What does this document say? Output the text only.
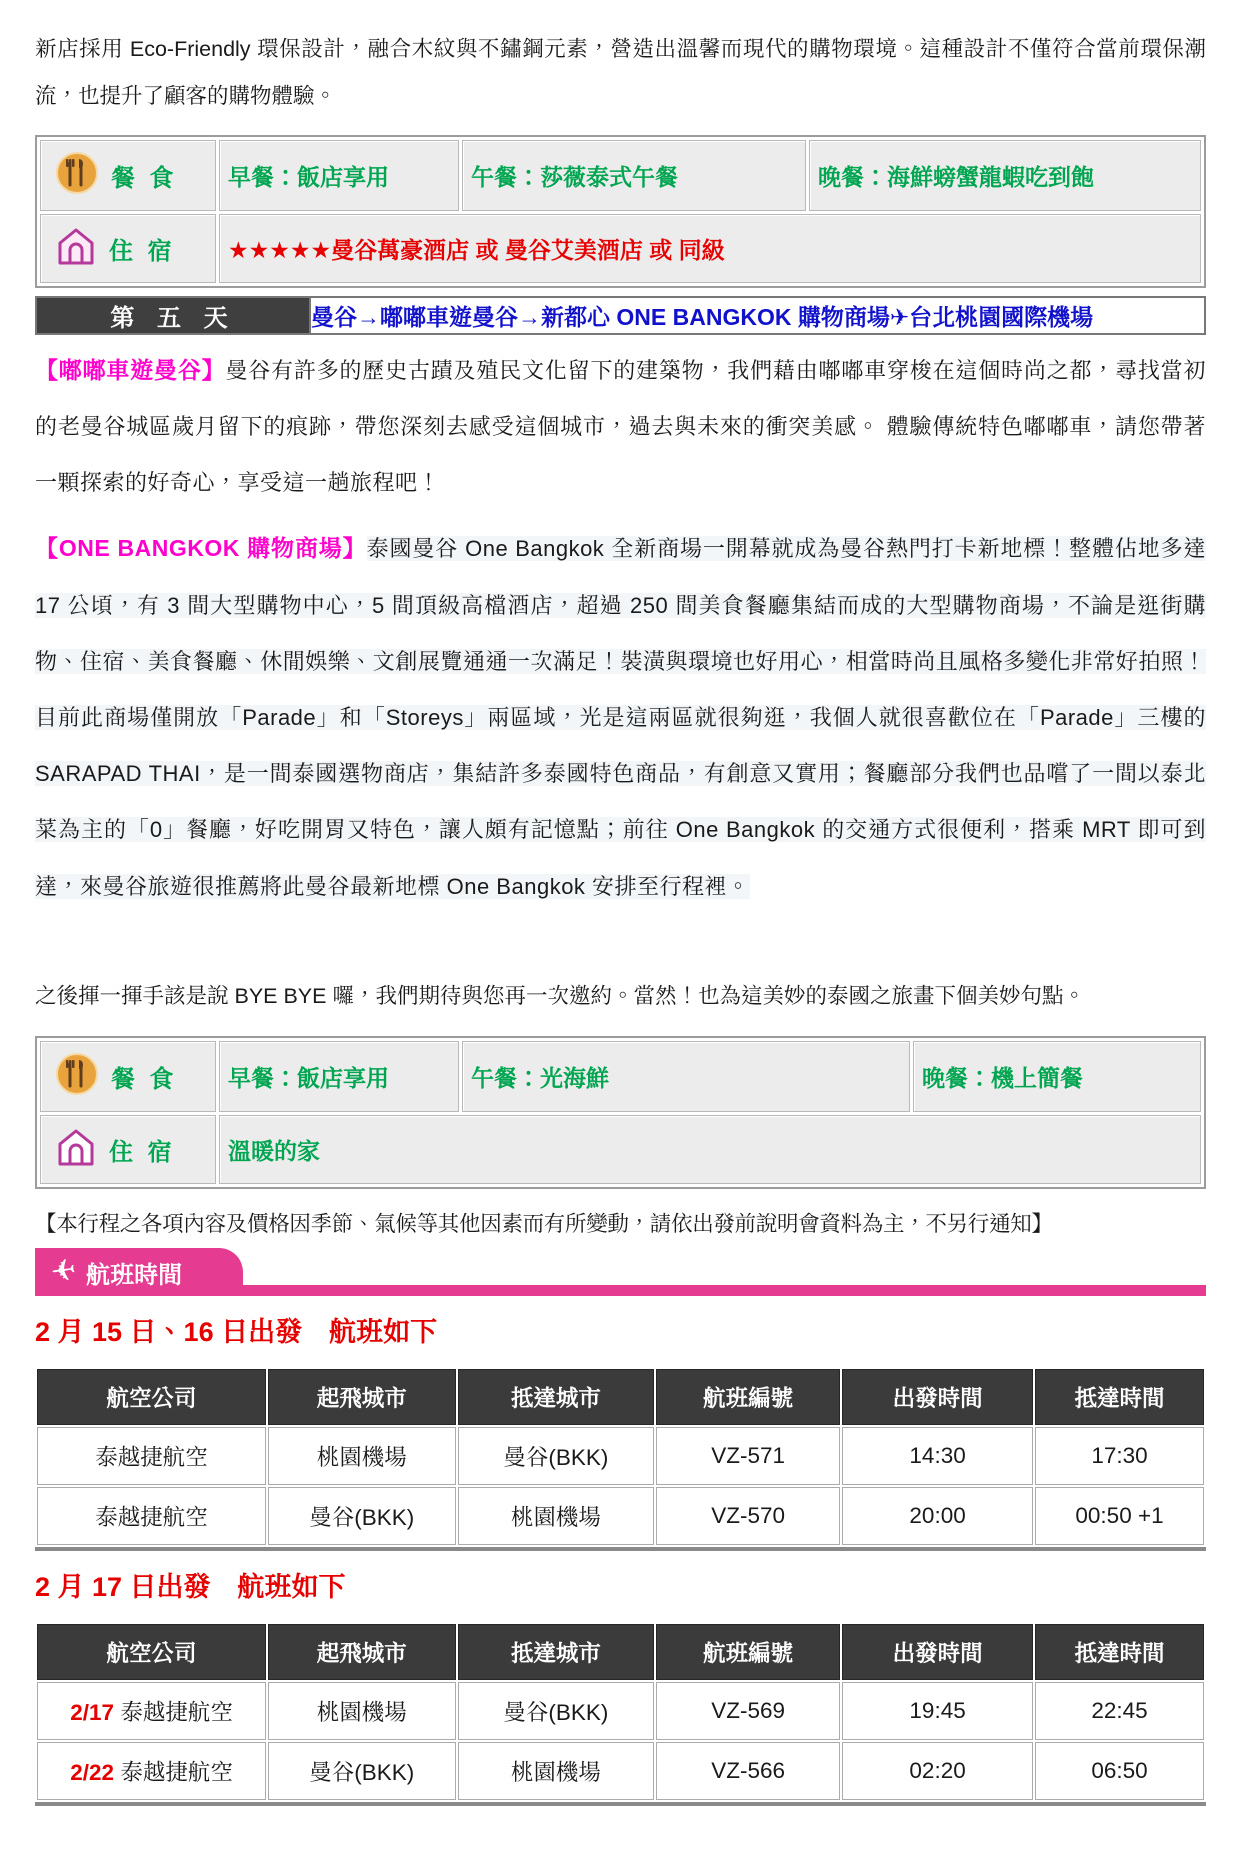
新店採用 Eco-Friendly 環保設計，融合木紋與不鏽鋼元素，營造出溫馨而現代的購物環境。這種設計不僅符合當前環保潮流，也提升了顧客的購物體驗。

餐 食	早餐：飯店享用	午餐：莎薇泰式午餐	晚餐：海鮮螃蟹龍蝦吃到飽

住 宿	★★★★★曼谷萬豪酒店 或 曼谷艾美酒店 或 同級		
第 五 天	曼谷→嘟嘟車遊曼谷→新都心 ONE BANGKOK 購物商場✈台北桃園國際機場

【嘟嘟車遊曼谷】曼谷有許多的歷史古蹟及殖民文化留下的建築物，我們藉由嘟嘟車穿梭在這個時尚之都，尋找當初的老曼谷城區歲月留下的痕跡，帶您深刻去感受這個城市，過去與未來的衝突美感。 體驗傳統特色嘟嘟車，請您帶著一顆探索的好奇心，享受這一趟旅程吧！

【ONE BANGKOK 購物商場】泰國曼谷 One Bangkok 全新商場一開幕就成為曼谷熱門打卡新地標！整體佔地多達 17 公頃，有 3 間大型購物中心，5 間頂級高檔酒店，超過 250 間美食餐廳集結而成的大型購物商場，不論是逛街購物、住宿、美食餐廳、休閒娛樂、文創展覽通通一次滿足！裝潢與環境也好用心，相當時尚且風格多變化非常好拍照！ 目前此商場僅開放「Parade」和「Storeys」兩區域，光是這兩區就很夠逛，我個人就很喜歡位在「Parade」三樓的 SARAPAD THAI，是一間泰國選物商店，集結許多泰國特色商品，有創意又實用；餐廳部分我們也品嚐了一間以泰北菜為主的「0」餐廳，好吃開胃又特色，讓人頗有記憶點；前往 One Bangkok 的交通方式很便利，搭乘 MRT 即可到達，來曼谷旅遊很推薦將此曼谷最新地標 One Bangkok 安排至行程裡。

之後揮一揮手該是說 BYE BYE 囉，我們期待與您再一次邀約。當然！也為這美妙的泰國之旅畫下個美妙句點。

餐 食	早餐：飯店享用	午餐：光海鮮	晚餐：機上簡餐

住 宿	溫暖的家		

【本行程之各項內容及價格因季節、氣候等其他因素而有所變動，請依出發前說明會資料為主，不另行通知】

✈ 航班時間
2 月 15 日、16 日出發　航班如下
航空公司	起飛城市	抵達城市	航班編號	出發時間	抵達時間
泰越捷航空	桃園機場	曼谷(BKK)	VZ-571	14:30	17:30
泰越捷航空	曼谷(BKK)	桃園機場	VZ-570	20:00	00:50 +1
2 月 17 日出發　航班如下
航空公司	起飛城市	抵達城市	航班編號	出發時間	抵達時間
2/17 泰越捷航空	桃園機場	曼谷(BKK)	VZ-569	19:45	22:45
2/22 泰越捷航空	曼谷(BKK)	桃園機場	VZ-566	02:20	06:50
